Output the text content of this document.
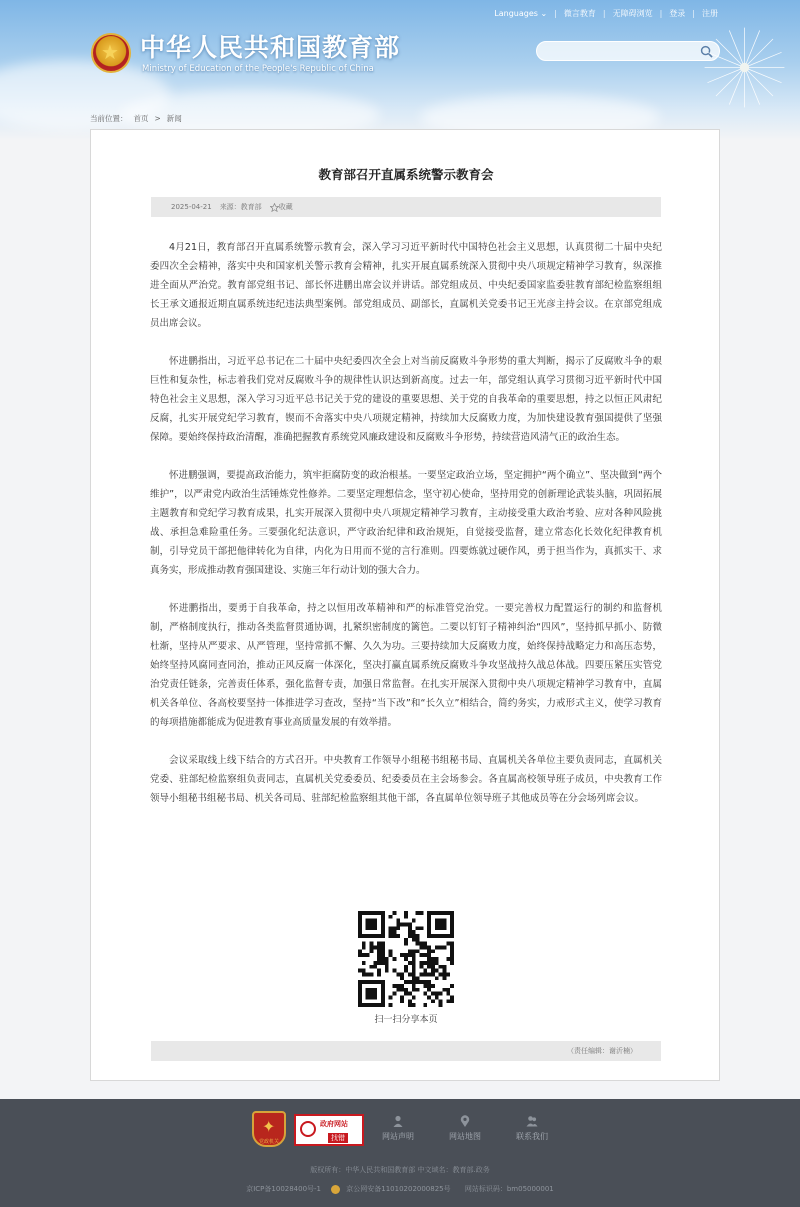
★ 中华人民共和国教育部
Ministry of Education of the People's Republic of China
Languages ⌄ | 微言教育 | 无障碍浏览 | 登录 | 注册
当前位置： 首页 > 新闻
教育部召开直属系统警示教育会
2025-04-21 来源：教育部 收藏

4月21日，教育部召开直属系统警示教育会，深入学习习近平新时代中国特色社会主义思想，认真贯彻二十届中央纪委四次全会精神，落实中央和国家机关警示教育会精神，扎实开展直属系统深入贯彻中央八项规定精神学习教育，纵深推进全面从严治党。教育部党组书记、部长怀进鹏出席会议并讲话。部党组成员、中央纪委国家监委驻教育部纪检监察组组长王承文通报近期直属系统违纪违法典型案例。部党组成员、副部长，直属机关党委书记王光彦主持会议。在京部党组成员出席会议。

怀进鹏指出，习近平总书记在二十届中央纪委四次全会上对当前反腐败斗争形势的重大判断，揭示了反腐败斗争的艰巨性和复杂性，标志着我们党对反腐败斗争的规律性认识达到新高度。过去一年，部党组认真学习贯彻习近平新时代中国特色社会主义思想，深入学习习近平总书记关于党的建设的重要思想、关于党的自我革命的重要思想，持之以恒正风肃纪反腐，扎实开展党纪学习教育，锲而不舍落实中央八项规定精神，持续加大反腐败力度，为加快建设教育强国提供了坚强保障。要始终保持政治清醒，准确把握教育系统党风廉政建设和反腐败斗争形势，持续营造风清气正的政治生态。

怀进鹏强调，要提高政治能力，筑牢拒腐防变的政治根基。一要坚定政治立场，坚定拥护“两个确立”、坚决做到“两个维护”，以严肃党内政治生活锤炼党性修养。二要坚定理想信念，坚守初心使命，坚持用党的创新理论武装头脑，巩固拓展主题教育和党纪学习教育成果，扎实开展深入贯彻中央八项规定精神学习教育，主动接受重大政治考验、应对各种风险挑战、承担急难险重任务。三要强化纪法意识，严守政治纪律和政治规矩，自觉接受监督，建立常态化长效化纪律教育机制，引导党员干部把他律转化为自律，内化为日用而不觉的言行准则。四要炼就过硬作风，勇于担当作为，真抓实干、求真务实，形成推动教育强国建设、实施三年行动计划的强大合力。

怀进鹏指出，要勇于自我革命，持之以恒用改革精神和严的标准管党治党。一要完善权力配置运行的制约和监督机制，严格制度执行，推动各类监督贯通协调，扎紧织密制度的篱笆。二要以钉钉子精神纠治“四风”，坚持抓早抓小、防微杜渐，坚持从严要求、从严管理，坚持常抓不懈、久久为功。三要持续加大反腐败力度，始终保持战略定力和高压态势，始终坚持风腐同查同治，推动正风反腐一体深化，坚决打赢直属系统反腐败斗争攻坚战持久战总体战。四要压紧压实管党治党责任链条，完善责任体系，强化监督专责，加强日常监督。在扎实开展深入贯彻中央八项规定精神学习教育中，直属机关各单位、各高校要坚持一体推进学习查改，坚持“当下改”和“长久立”相结合，简约务实，力戒形式主义，使学习教育的每项措施都能成为促进教育事业高质量发展的有效举措。

会议采取线上线下结合的方式召开。中央教育工作领导小组秘书组秘书局、直属机关各单位主要负责同志，直属机关党委、驻部纪检监察组负责同志，直属机关党委委员、纪委委员在主会场参会。各直属高校领导班子成员，中央教育工作领导小组秘书组秘书局、机关各司局、驻部纪检监察组其他干部，各直属单位领导班子其他成员等在分会场列席会议。

扫一扫分享本页
（责任编辑：谢沂楠）
✦
党政机关
政府网站
找错	网站声明	网站地图	联系我们
版权所有：中华人民共和国教育部 中文域名：教育部.政务
京ICP备10028400号-1	京公网安备11010202000825号 网站标识码：bm05000001
